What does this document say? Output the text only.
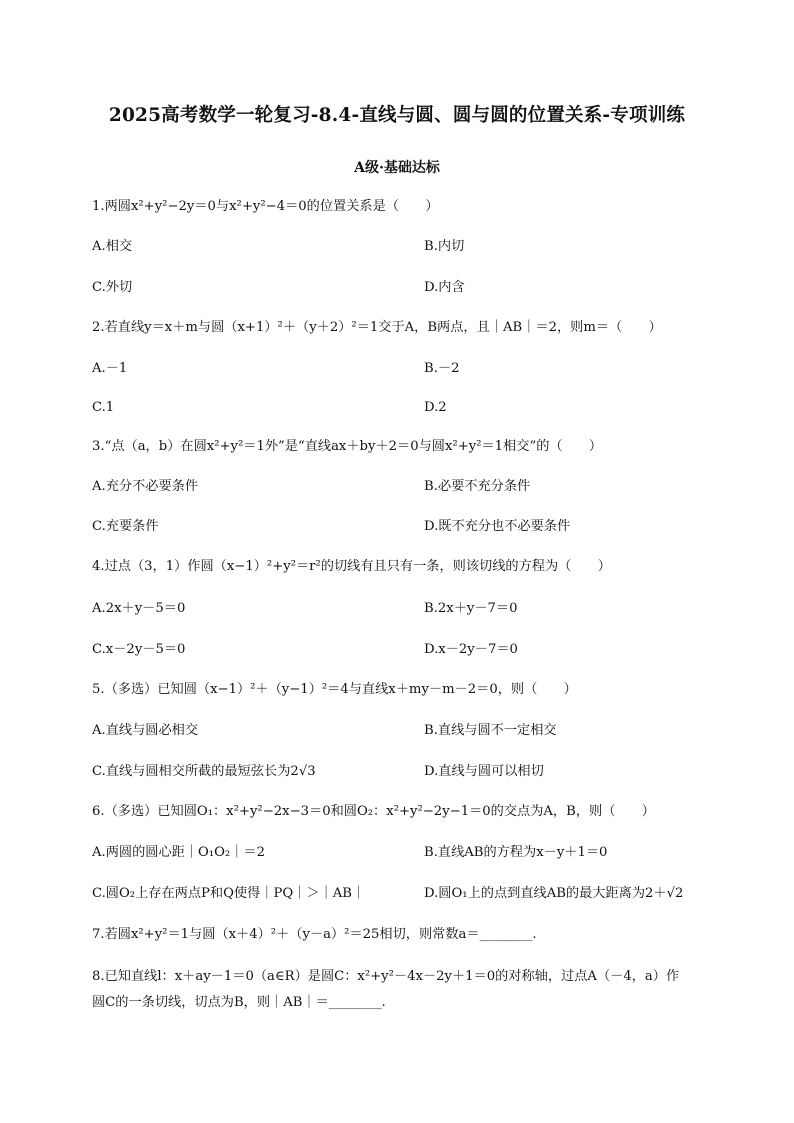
2025高考数学一轮复习-8.4-直线与圆、圆与圆的位置关系-专项训练
A级·基础达标
1.两圆x²+y²−2y＝0与x²+y²−4＝0的位置关系是（　　）
A.相交	B.内切
C.外切	D.内含
2.若直线y＝x＋m与圆（x+1）²＋（y＋2）²＝1交于A，B两点，且｜AB｜＝2，则m＝（　　）
A.－1	B.－2
C.1	D.2
3.“点（a，b）在圆x²+y²＝1外”是“直线ax＋by＋2＝0与圆x²+y²＝1相交”的（　　）
A.充分不必要条件	B.必要不充分条件
C.充要条件	D.既不充分也不必要条件
4.过点（3，1）作圆（x−1）²+y²＝r²的切线有且只有一条，则该切线的方程为（　　）
A.2x＋y－5＝0	B.2x＋y－7＝0
C.x－2y－5＝0	D.x－2y－7＝0
5.（多选）已知圆（x−1）²＋（y−1）²＝4与直线x＋my－m－2＝0，则（　　）
A.直线与圆必相交	B.直线与圆不一定相交
C.直线与圆相交所截的最短弦长为2√3	D.直线与圆可以相切
6.（多选）已知圆O₁：x²+y²−2x−3＝0和圆O₂：x²+y²−2y−1＝0的交点为A，B，则（　　）
A.两圆的圆心距｜O₁O₂｜＝2	B.直线AB的方程为x－y＋1＝0
C.圆O₂上存在两点P和Q使得｜PQ｜＞｜AB｜	D.圆O₁上的点到直线AB的最大距离为2＋√2
7.若圆x²+y²＝1与圆（x＋4）²＋（y－a）²＝25相切，则常数a＝________.
8.已知直线l：x＋ay－1＝0（a∈R）是圆C：x²+y²－4x－2y＋1＝0的对称轴，过点A（－4，a）作
圆C的一条切线，切点为B，则｜AB｜＝________.
